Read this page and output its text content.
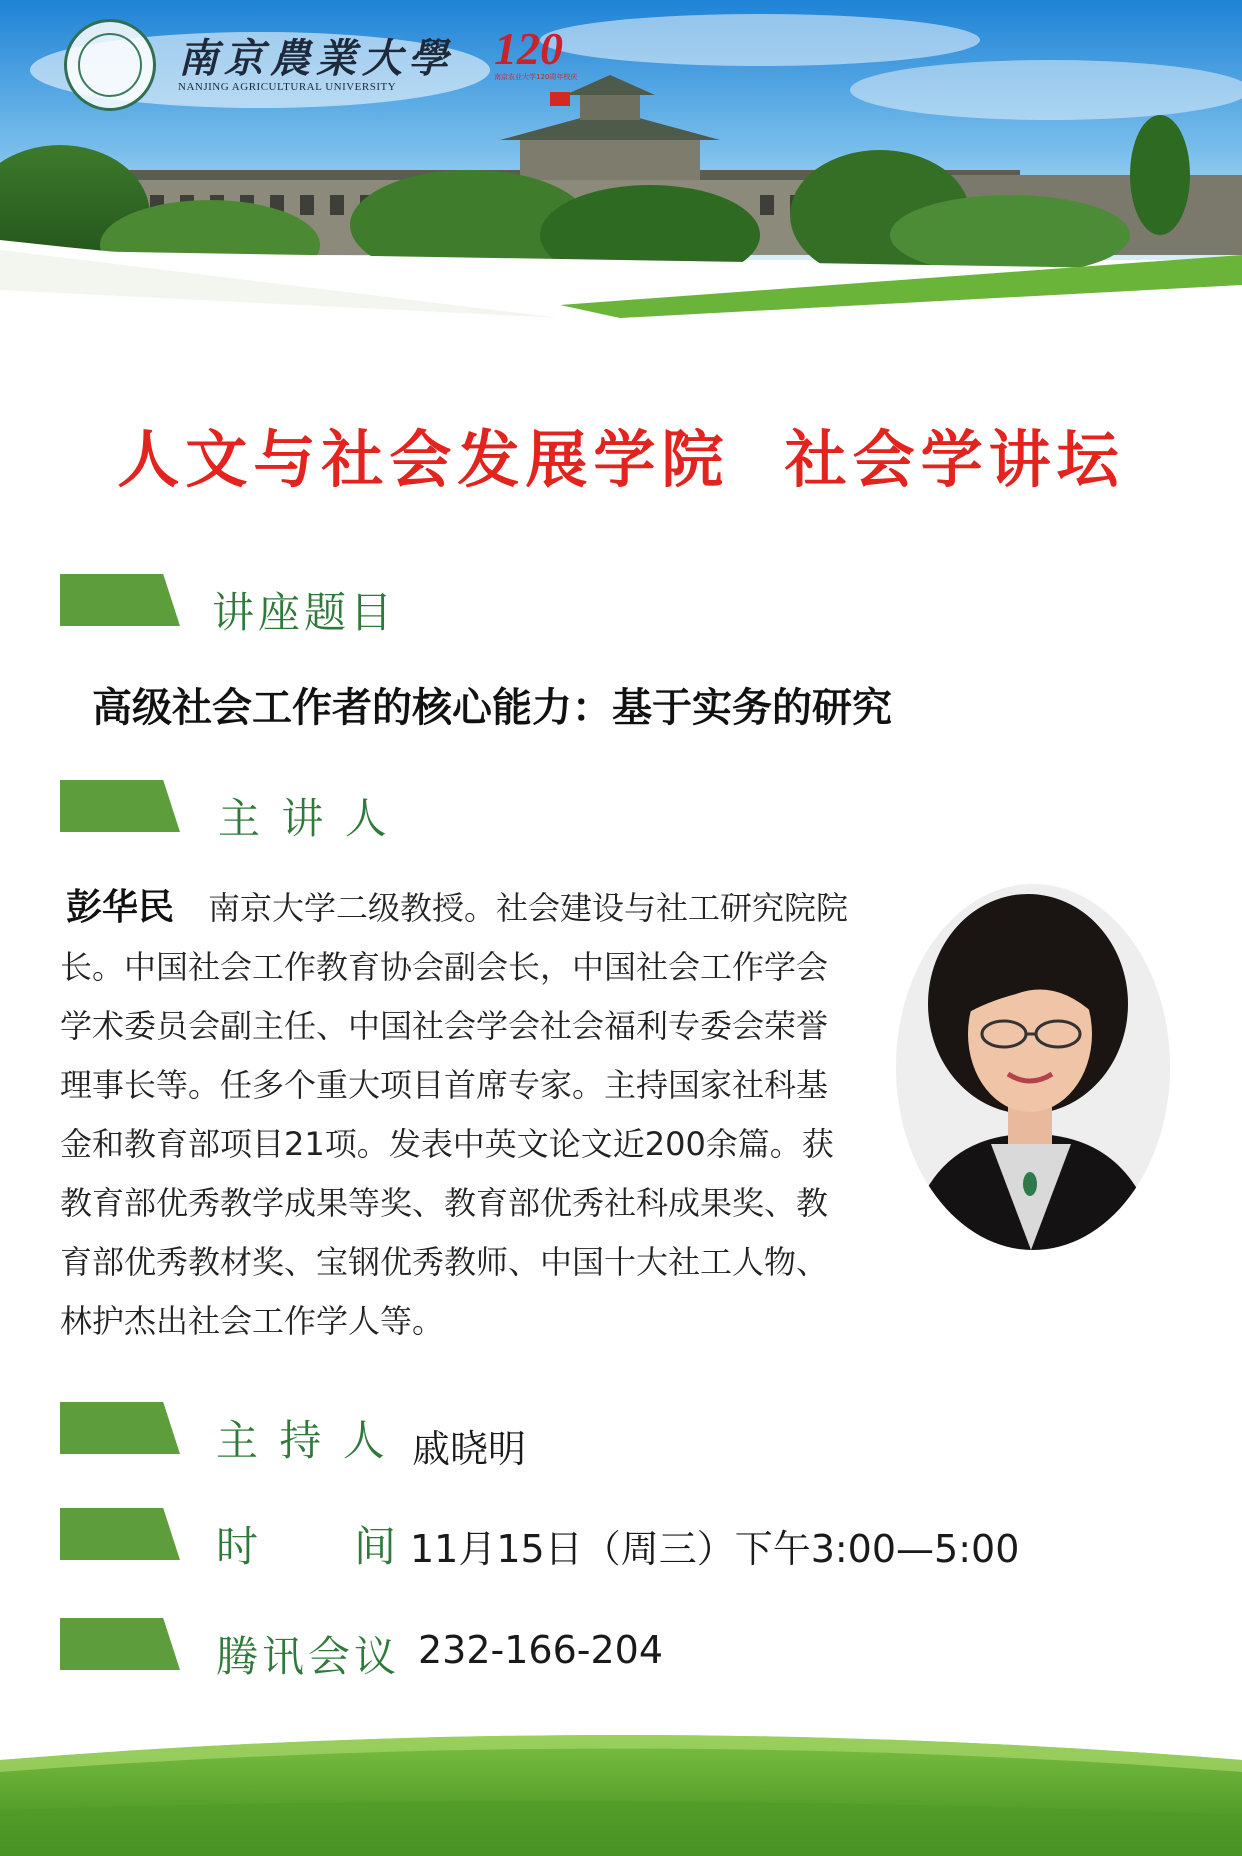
南京農業大學
NANJING AGRICULTURAL UNIVERSITY
120
南京农业大学120周年校庆
人文与社会发展学院  社会学讲坛
讲座题目
高级社会工作者的核心能力：基于实务的研究
主 讲 人
彭华民 南京大学二级教授。社会建设与社工研究院院长。中国社会工作教育协会副会长，中国社会工作学会学术委员会副主任、中国社会学会社会福利专委会荣誉理事长等。任多个重大项目首席专家。主持国家社科基金和教育部项目21项。发表中英文论文近200余篇。获教育部优秀教学成果等奖、教育部优秀社科成果奖、教育部优秀教材奖、宝钢优秀教师、中国十大社工人物、林护杰出社会工作学人等。
主 持 人 戚晓明
时　　间 11月15日（周三）下午3:00—5:00
腾讯会议 232-166-204
